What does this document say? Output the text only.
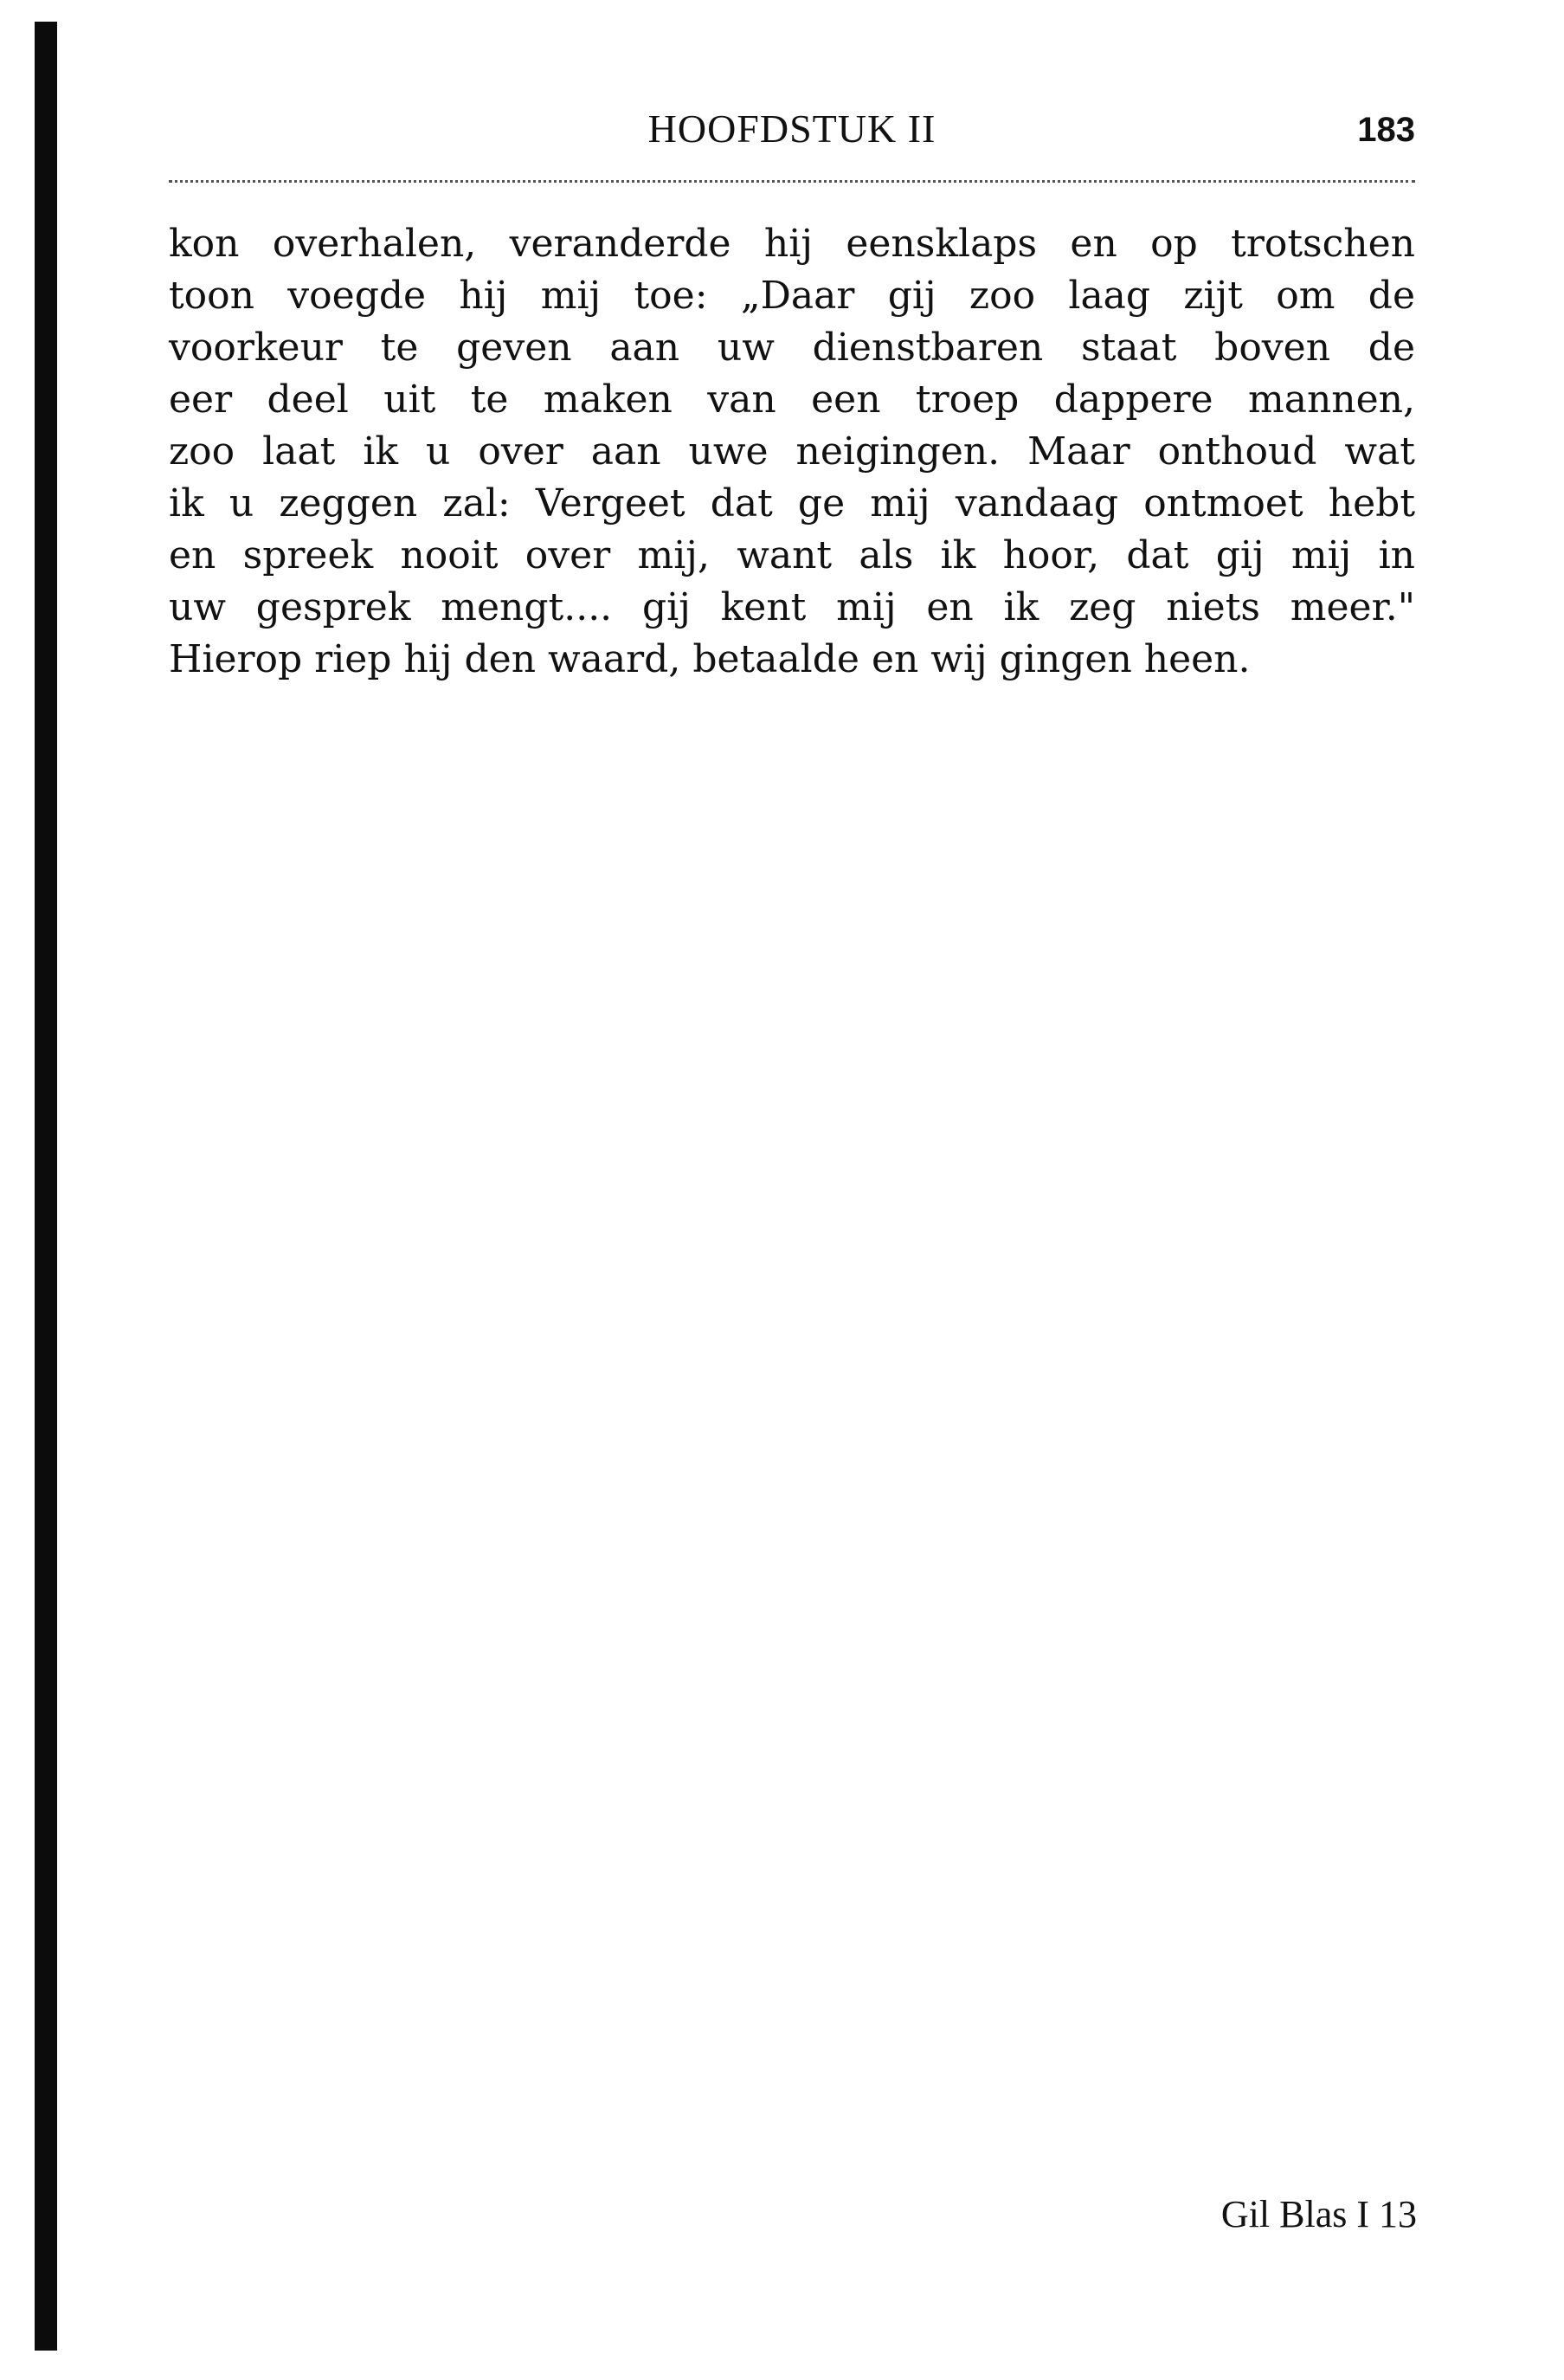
HOOFDSTUK II	183
kon overhalen, veranderde hij eensklaps en op trotschen
toon voegde hij mij toe: „Daar gij zoo laag zijt om de
voorkeur te geven aan uw dienstbaren staat boven de
eer deel uit te maken van een troep dappere mannen,
zoo laat ik u over aan uwe neigingen. Maar onthoud wat
ik u zeggen zal: Vergeet dat ge mij vandaag ontmoet hebt
en spreek nooit over mij, want als ik hoor, dat gij mij in
uw gesprek mengt.... gij kent mij en ik zeg niets meer."
Hierop riep hij den waard, betaalde en wij gingen heen.
Gil Blas I 13
